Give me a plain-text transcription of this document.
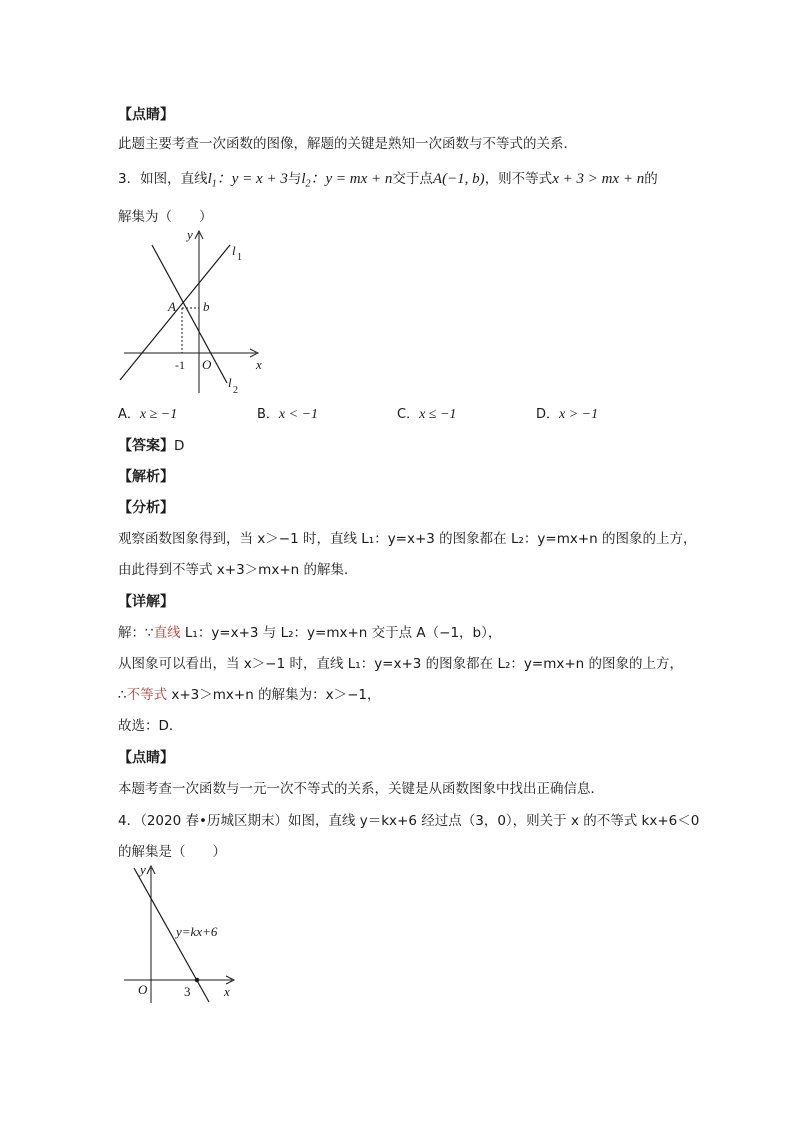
【点睛】
此题主要考查一次函数的图像，解题的关键是熟知一次函数与不等式的关系．
3．如图，直线$l_1$：y = x + 3与$l_2$：y = mx + n交于点A(−1, b)，则不等式x + 3 > mx + n的
解集为（　　）
y
l 1
A b
-1 O	x
l
2
A．x ≥ −1	B．x < −1	C．x ≤ −1	D．x > −1
【答案】D
【解析】
【分析】
观察函数图象得到，当 x＞−1 时，直线 L₁：y=x+3 的图象都在 L₂：y=mx+n 的图象的上方，
由此得到不等式 x+3＞mx+n 的解集．
【详解】
解：∵直线 L₁：y=x+3 与 L₂：y=mx+n 交于点 A（−1，b），
从图象可以看出，当 x＞−1 时，直线 L₁：y=x+3 的图象都在 L₂：y=mx+n 的图象的上方，
∴不等式 x+3＞mx+n 的解集为：x＞−1，
故选：D．
【点睛】
本题考查一次函数与一元一次不等式的关系，关键是从函数图象中找出正确信息．
4．（2020 春•历城区期末）如图，直线 y＝kx+6 经过点（3，0），则关于 x 的不等式 kx+6＜0
的解集是（　　）
y
y=kx+6
O	3	x
